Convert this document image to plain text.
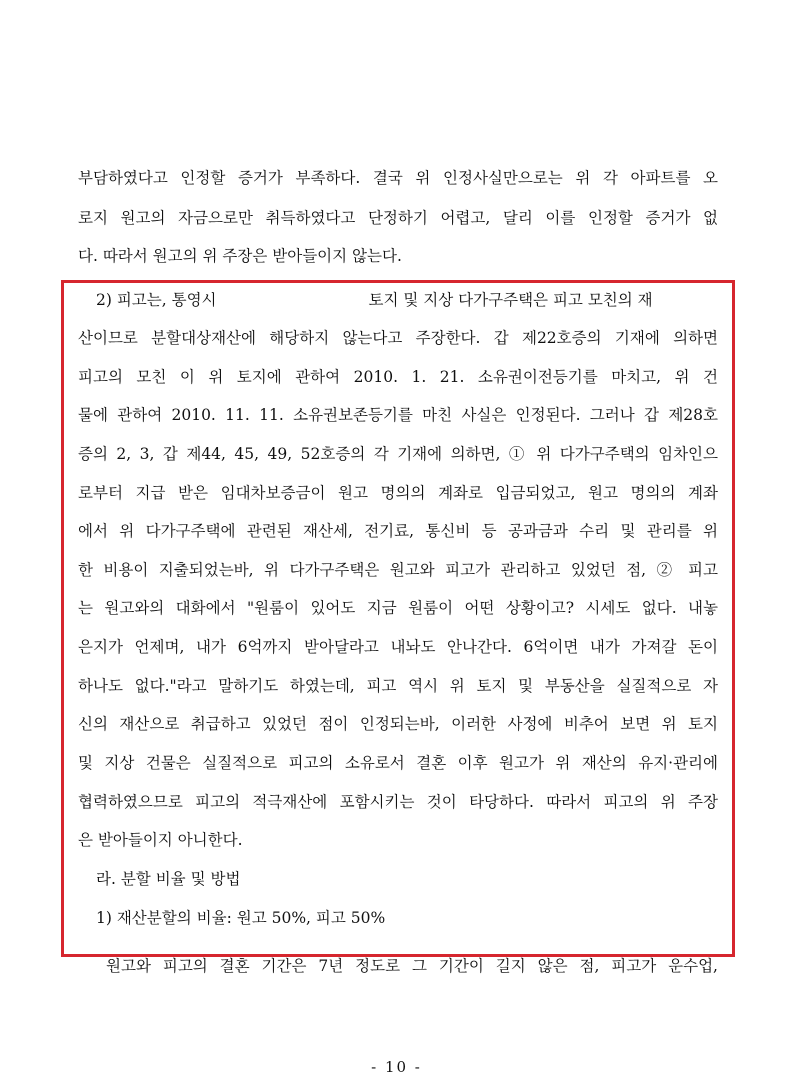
부담하였다고 인정할 증거가 부족하다. 결국 위 인정사실만으로는 위 각 아파트를 오
로지 원고의 자금으로만 취득하였다고 단정하기 어렵고, 달리 이를 인정할 증거가 없
다. 따라서 원고의 위 주장은 받아들이지 않는다.
2) 피고는, 통영시	토지 및 지상 다가구주택은 피고 모친의 재
산이므로 분할대상재산에 해당하지 않는다고 주장한다. 갑 제22호증의 기재에 의하면
피고의 모친 이 위 토지에 관하여 2010. 1. 21. 소유권이전등기를 마치고, 위 건
물에 관하여 2010. 11. 11. 소유권보존등기를 마친 사실은 인정된다. 그러나 갑 제28호
증의 2, 3, 갑 제44, 45, 49, 52호증의 각 기재에 의하면, ① 위 다가구주택의 임차인으
로부터 지급 받은 임대차보증금이 원고 명의의 계좌로 입금되었고, 원고 명의의 계좌
에서 위 다가구주택에 관련된 재산세, 전기료, 통신비 등 공과금과 수리 및 관리를 위
한 비용이 지출되었는바, 위 다가구주택은 원고와 피고가 관리하고 있었던 점, ② 피고
는 원고와의 대화에서 "원룸이 있어도 지금 원룸이 어떤 상황이고? 시세도 없다. 내놓
은지가 언제며, 내가 6억까지 받아달라고 내놔도 안나간다. 6억이면 내가 가져갈 돈이
하나도 없다."라고 말하기도 하였는데, 피고 역시 위 토지 및 부동산을 실질적으로 자
신의 재산으로 취급하고 있었던 점이 인정되는바, 이러한 사정에 비추어 보면 위 토지
및 지상 건물은 실질적으로 피고의 소유로서 결혼 이후 원고가 위 재산의 유지·관리에
협력하였으므로 피고의 적극재산에 포함시키는 것이 타당하다. 따라서 피고의 위 주장
은 받아들이지 아니한다.
라. 분할 비율 및 방법
1) 재산분할의 비율: 원고 50%, 피고 50%
원고와 피고의 결혼 기간은 7년 정도로 그 기간이 길지 않은 점, 피고가 운수업,
- 10 -
